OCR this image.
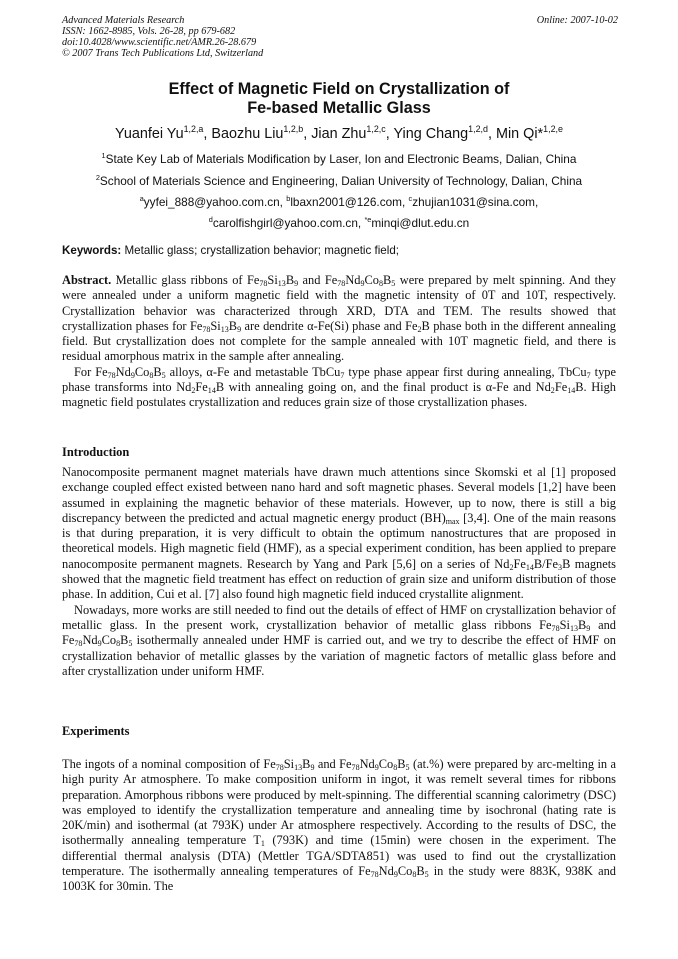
Advanced Materials Research
ISSN: 1662-8985, Vols. 26-28, pp 679-682
doi:10.4028/www.scientific.net/AMR.26-28.679
© 2007 Trans Tech Publications Ltd, Switzerland
Online: 2007-10-02
Effect of Magnetic Field on Crystallization of
Fe-based Metallic Glass
Yuanfei Yu$^{1,2,a}$, Baozhu Liu$^{1,2,b}$, Jian Zhu$^{1,2,c}$, Ying Chang$^{1,2,d}$, Min Qi*$^{1,2,e}$
$^1$State Key Lab of Materials Modification by Laser, Ion and Electronic Beams, Dalian, China
$^2$School of Materials Science and Engineering, Dalian University of Technology, Dalian, China
$^a$yyfei_888@yahoo.com.cn, $^b$lbaxn2001@126.com, $^c$zhujian1031@sina.com,
$^d$carolfishgirl@yahoo.com.cn, $^{*e}$minqi@dlut.edu.cn
Keywords: Metallic glass; crystallization behavior; magnetic field;

Abstract. Metallic glass ribbons of $Fe_{78}Si_{13}B_9$ and $Fe_{78}Nd_9Co_8B_5$ were prepared by melt spinning. And they were annealed under a uniform magnetic field with the magnetic intensity of 0T and 10T, respectively. Crystallization behavior was characterized through XRD, DTA and TEM. The results showed that crystallization phases for $Fe_{78}Si_{13}B_9$ are dendrite α-Fe(Si) phase and $Fe_2B$ phase both in the different annealing field. But crystallization does not complete for the sample annealed with 10T magnetic field, and there is residual amorphous matrix in the sample after annealing.

For $Fe_{78}Nd_9Co_8B_5$ alloys, α-Fe and metastable TbCu$_7$ type phase appear first during annealing, TbCu$_7$ type phase transforms into $Nd_2Fe_{14}B$ with annealing going on, and the final product is α-Fe and $Nd_2Fe_{14}B$. High magnetic field postulates crystallization and reduces grain size of those crystallization phases.

Introduction

Nanocomposite permanent magnet materials have drawn much attentions since Skomski et al [1] proposed exchange coupled effect existed between nano hard and soft magnetic phases. Several models [1,2] have been assumed in explaining the magnetic behavior of these materials. However, up to now, there is still a big discrepancy between the predicted and actual magnetic energy product $(BH)_{max}$ [3,4]. One of the main reasons is that during preparation, it is very difficult to obtain the optimum nanostructures that are proposed in theoretical models. High magnetic field (HMF), as a special experiment condition, has been applied to prepare nanocomposite permanent magnets. Research by Yang and Park [5,6] on a series of $Nd_2Fe_{14}B/Fe_3B$ magnets showed that the magnetic field treatment has effect on reduction of grain size and uniform distribution of those phase. In addition, Cui et al. [7] also found high magnetic field induced crystallite alignment.

Nowadays, more works are still needed to find out the details of effect of HMF on crystallization behavior of metallic glass. In the present work, crystallization behavior of metallic glass ribbons $Fe_{78}Si_{13}B_9$ and $Fe_{78}Nd_9Co_8B_5$ isothermally annealed under HMF is carried out, and we try to describe the effect of HMF on crystallization behavior of metallic glasses by the variation of magnetic factors of metallic glass before and after crystallization under uniform HMF.

Experiments

The ingots of a nominal composition of $Fe_{78}Si_{13}B_9$ and $Fe_{78}Nd_9Co_8B_5$ (at.%) were prepared by arc-melting in a high purity Ar atmosphere. To make composition uniform in ingot, it was remelt several times for ribbons preparation. Amorphous ribbons were produced by melt-spinning. The differential scanning calorimetry (DSC) was employed to identify the crystallization temperature and annealing time by isochronal (hating rate is 20K/min) and isothermal (at 793K) under Ar atmosphere respectively. According to the results of DSC, the isothermally annealing temperature $T_1$ (793K) and time (15min) were chosen in the experiment. The differential thermal analysis (DTA) (Mettler TGA/SDTA851) was used to find out the crystallization temperature. The isothermally annealing temperatures of $Fe_{78}Nd_9Co_8B_5$ in the study were 883K, 938K and 1003K for 30min. The
